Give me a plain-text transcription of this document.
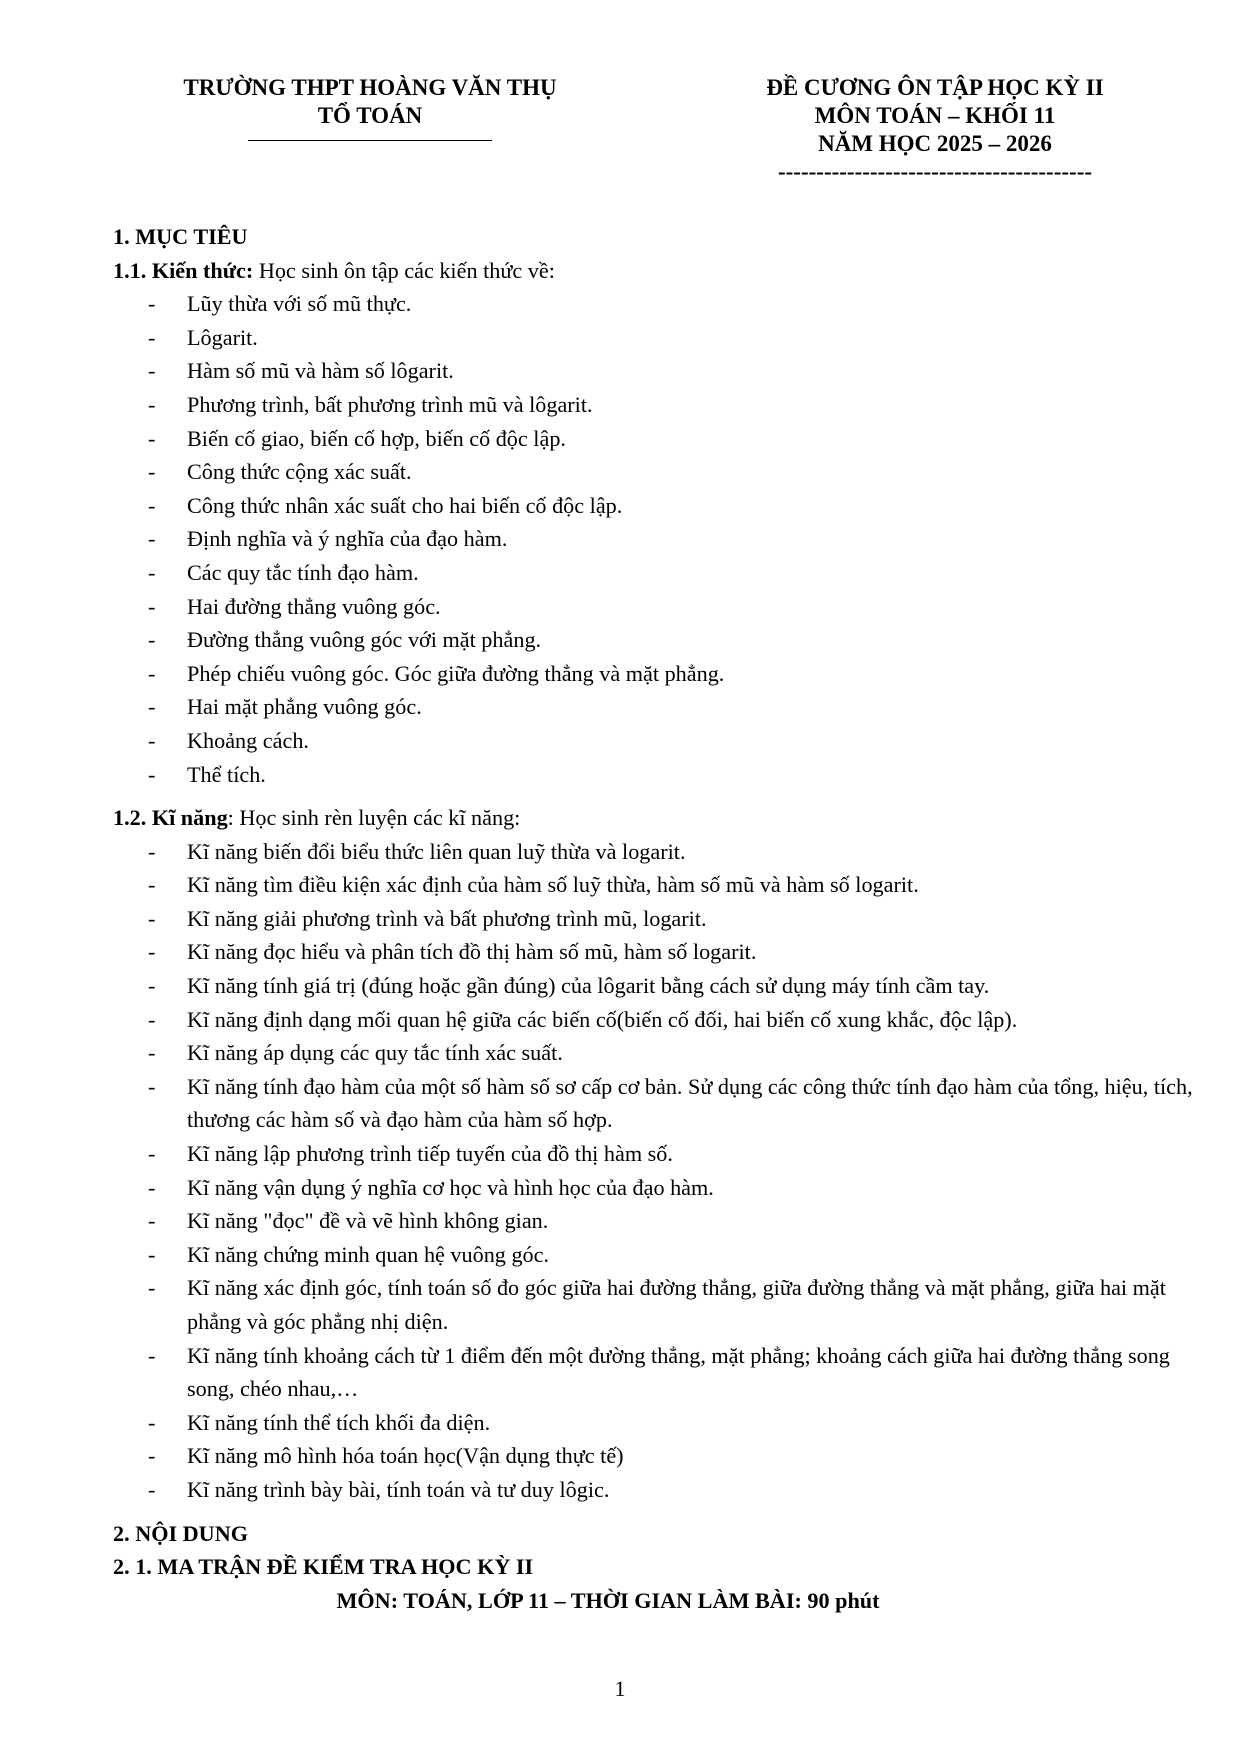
TRƯỜNG THPT HOÀNG VĂN THỤ
TỔ TOÁN
ĐỀ CƯƠNG ÔN TẬP HỌC KỲ II
MÔN TOÁN – KHỐI 11
NĂM HỌC 2025 – 2026
-----------------------------------------

1. MỤC TIÊU

1.1. Kiến thức: Học sinh ôn tập các kiến thức về:

- Lũy thừa với số mũ thực.
- Lôgarit.
- Hàm số mũ và hàm số lôgarit.
- Phương trình, bất phương trình mũ và lôgarit.
- Biến cố giao, biến cố hợp, biến cố độc lập.
- Công thức cộng xác suất.
- Công thức nhân xác suất cho hai biến cố độc lập.
- Định nghĩa và ý nghĩa của đạo hàm.
- Các quy tắc tính đạo hàm.
- Hai đường thẳng vuông góc.
- Đường thẳng vuông góc với mặt phẳng.
- Phép chiếu vuông góc. Góc giữa đường thẳng và mặt phẳng.
- Hai mặt phẳng vuông góc.
- Khoảng cách.
- Thể tích.

1.2. Kĩ năng: Học sinh rèn luyện các kĩ năng:

- Kĩ năng biến đổi biểu thức liên quan luỹ thừa và logarit.
- Kĩ năng tìm điều kiện xác định của hàm số luỹ thừa, hàm số mũ và hàm số logarit.
- Kĩ năng giải phương trình và bất phương trình mũ, logarit.
- Kĩ năng đọc hiểu và phân tích đồ thị hàm số mũ, hàm số logarit.
- Kĩ năng tính giá trị (đúng hoặc gần đúng) của lôgarit bằng cách sử dụng máy tính cầm tay.
- Kĩ năng định dạng mối quan hệ giữa các biến cố(biến cố đối, hai biến cố xung khắc, độc lập).
- Kĩ năng áp dụng các quy tắc tính xác suất.
- Kĩ năng tính đạo hàm của một số hàm số sơ cấp cơ bản. Sử dụng các công thức tính đạo hàm của tổng, hiệu, tích, thương các hàm số và đạo hàm của hàm số hợp.
- Kĩ năng lập phương trình tiếp tuyến của đồ thị hàm số.
- Kĩ năng vận dụng ý nghĩa cơ học và hình học của đạo hàm.
- Kĩ năng "đọc" đề và vẽ hình không gian.
- Kĩ năng chứng minh quan hệ vuông góc.
- Kĩ năng xác định góc, tính toán số đo góc giữa hai đường thẳng, giữa đường thẳng và mặt phẳng, giữa hai mặt phẳng và góc phẳng nhị diện.
- Kĩ năng tính khoảng cách từ 1 điểm đến một đường thẳng, mặt phẳng; khoảng cách giữa hai đường thẳng song song, chéo nhau,…
- Kĩ năng tính thể tích khối đa diện.
- Kĩ năng mô hình hóa toán học(Vận dụng thực tế)
- Kĩ năng trình bày bài, tính toán và tư duy lôgic.

2. NỘI DUNG

2. 1. MA TRẬN ĐỀ KIỂM TRA HỌC KỲ II

MÔN: TOÁN, LỚP 11 – THỜI GIAN LÀM BÀI: 90 phút

1
